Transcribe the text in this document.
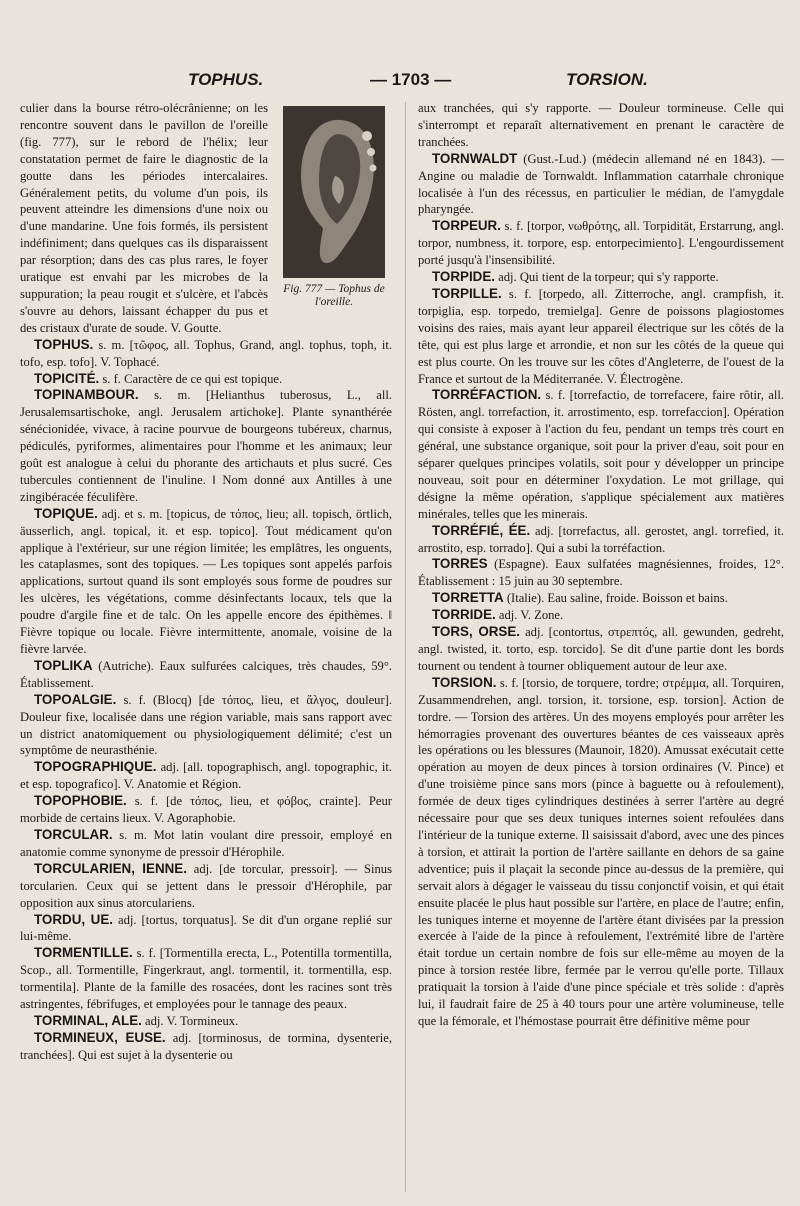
TOPHUS.	— 1703 —	TORSION.
Fig. 777 — Tophus de l'oreille.

culier dans la bourse rétro-olécrânienne; on les rencontre souvent dans le pavillon de l'oreille (fig. 777), sur le rebord de l'hélix; leur constatation permet de faire le diagnostic de la goutte dans les périodes intercalaires. Généralement petits, du volume d'un pois, ils peuvent atteindre les dimensions d'une noix ou d'une mandarine. Une fois formés, ils persistent indéfiniment; dans quelques cas ils disparaissent par résorption; dans des cas plus rares, le foyer uratique est envahi par les microbes de la suppuration; la peau rougit et s'ulcère, et l'abcès s'ouvre au dehors, laissant échapper du pus et des cristaux d'urate de soude. V. Goutte.

TOPHUS. s. m. [τῶφος, all. Tophus, Grand, angl. tophus, toph, it. tofo, esp. tofo]. V. Tophacé.

TOPICITÉ. s. f. Caractère de ce qui est topique.

TOPINAMBOUR. s. m. [Helianthus tuberosus, L., all. Jerusalemsartischoke, angl. Jerusalem artichoke]. Plante synanthérée sénécionidée, vivace, à racine pourvue de bourgeons tubéreux, charnus, pédiculés, pyriformes, alimentaires pour l'homme et les animaux; leur goût est analogue à celui du phorante des artichauts et plus sucré. Ces tubercules contiennent de l'inuline. ‖ Nom donné aux Antilles à une zingibéracée féculifère.

TOPIQUE. adj. et s. m. [topicus, de τόπος, lieu; all. topisch, örtlich, äusserlich, angl. topical, it. et esp. topico]. Tout médicament qu'on applique à l'extérieur, sur une région limitée; les emplâtres, les onguents, les cataplasmes, sont des topiques. — Les topiques sont appelés parfois applications, surtout quand ils sont employés sous forme de poudres sur les ulcères, les végétations, comme désinfectants locaux, tels que la poudre d'argile fine et de talc. On les appelle encore des épithèmes. ‖ Fièvre topique ou locale. Fièvre intermittente, anomale, voisine de la fièvre larvée.

TOPLIKA (Autriche). Eaux sulfurées calciques, très chaudes, 59°. Établissement.

TOPOALGIE. s. f. (Blocq) [de τόπος, lieu, et ἄλγος, douleur]. Douleur fixe, localisée dans une région variable, mais sans rapport avec un district anatomiquement ou physiologiquement délimité; c'est un symptôme de neurasthénie.

TOPOGRAPHIQUE. adj. [all. topographisch, angl. topographic, it. et esp. topografico]. V. Anatomie et Région.

TOPOPHOBIE. s. f. [de τόπος, lieu, et φόβος, crainte]. Peur morbide de certains lieux. V. Agoraphobie.

TORCULAR. s. m. Mot latin voulant dire pressoir, employé en anatomie comme synonyme de pressoir d'Hérophile.

TORCULARIEN, IENNE. adj. [de torcular, pressoir]. — Sinus torcularien. Ceux qui se jettent dans le pressoir d'Hérophile, par opposition aux sinus atorculariens.

TORDU, UE. adj. [tortus, torquatus]. Se dit d'un organe replié sur lui-même.

TORMENTILLE. s. f. [Tormentilla erecta, L., Potentilla tormentilla, Scop., all. Tormentille, Fingerkraut, angl. tormentil, it. tormentilla, esp. tormentila]. Plante de la famille des rosacées, dont les racines sont très astringentes, fébrifuges, et employées pour le tannage des peaux.

TORMINAL, ALE. adj. V. Tormineux.

TORMINEUX, EUSE. adj. [torminosus, de tormina, dysenterie, tranchées]. Qui est sujet à la dysenterie ou

aux tranchées, qui s'y rapporte. — Douleur tormineuse. Celle qui s'interrompt et reparaît alternativement en prenant le caractère de tranchées.

TORNWALDT (Gust.-Lud.) (médecin allemand né en 1843). — Angine ou maladie de Tornwaldt. Inflammation catarrhale chronique localisée à l'un des récessus, en particulier le médian, de l'amygdale pharyngée.

TORPEUR. s. f. [torpor, νωθρότης, all. Torpidität, Erstarrung, angl. torpor, numbness, it. torpore, esp. entorpecimiento]. L'engourdissement porté jusqu'à l'insensibilité.

TORPIDE. adj. Qui tient de la torpeur; qui s'y rapporte.

TORPILLE. s. f. [torpedo, all. Zitterroche, angl. crampfish, it. torpiglia, esp. torpedo, tremielga]. Genre de poissons plagiostomes voisins des raies, mais ayant leur appareil électrique sur les côtés de la tête, qui est plus large et arrondie, et non sur les côtés de la queue qui est plus courte. On les trouve sur les côtes d'Angleterre, de l'ouest de la France et surtout de la Méditerranée. V. Électrogène.

TORRÉFACTION. s. f. [torrefactio, de torrefacere, faire rôtir, all. Rösten, angl. torrefaction, it. arrostimento, esp. torrefaccion]. Opération qui consiste à exposer à l'action du feu, pendant un temps très court en général, une substance organique, soit pour la priver d'eau, soit pour en séparer quelques principes volatils, soit pour y développer un principe nouveau, soit pour en déterminer l'oxydation. Le mot grillage, qui désigne la même opération, s'applique spécialement aux matières minérales, telles que les minerais.

TORRÉFIÉ, ÉE. adj. [torrefactus, all. gerostet, angl. torrefied, it. arrostito, esp. torrado]. Qui a subi la torréfaction.

TORRES (Espagne). Eaux sulfatées magnésiennes, froides, 12°. Établissement : 15 juin au 30 septembre.

TORRETTA (Italie). Eau saline, froide. Boisson et bains.

TORRIDE. adj. V. Zone.

TORS, ORSE. adj. [contortus, στρεπτός, all. gewunden, gedreht, angl. twisted, it. torto, esp. torcido]. Se dit d'une partie dont les bords tournent ou tendent à tourner obliquement autour de leur axe.

TORSION. s. f. [torsio, de torquere, tordre; στρέμμα, all. Torquiren, Zusammendrehen, angl. torsion, it. torsione, esp. torsion]. Action de tordre. — Torsion des artères. Un des moyens employés pour arrêter les hémorragies provenant des ouvertures béantes de ces vaisseaux après les opérations ou les blessures (Maunoir, 1820). Amussat exécutait cette opération au moyen de deux pinces à torsion ordinaires (V. Pince) et d'une troisième pince sans mors (pince à baguette ou à refoulement), formée de deux tiges cylindriques destinées à serrer l'artère au degré nécessaire pour que ses deux tuniques internes soient refoulées dans l'intérieur de la tunique externe. Il saisissait d'abord, avec une des pinces à torsion, et attirait la portion de l'artère saillante en dehors de sa gaine adventice; puis il plaçait la seconde pince au-dessus de la première, qui servait alors à dégager le vaisseau du tissu conjonctif voisin, et qui était ensuite placée le plus haut possible sur l'artère, en place de l'autre; enfin, les tuniques interne et moyenne de l'artère étant divisées par la pression exercée à l'aide de la pince à refoulement, l'extrémité libre de l'artère était tordue un certain nombre de fois sur elle-même au moyen de la pince à torsion restée libre, fermée par le verrou qu'elle porte. Tillaux pratiquait la torsion à l'aide d'une pince spéciale et très solide : d'après lui, il faudrait faire de 25 à 40 tours pour une artère volumineuse, telle que la fémorale, et l'hémostase pourrait être définitive même pour
